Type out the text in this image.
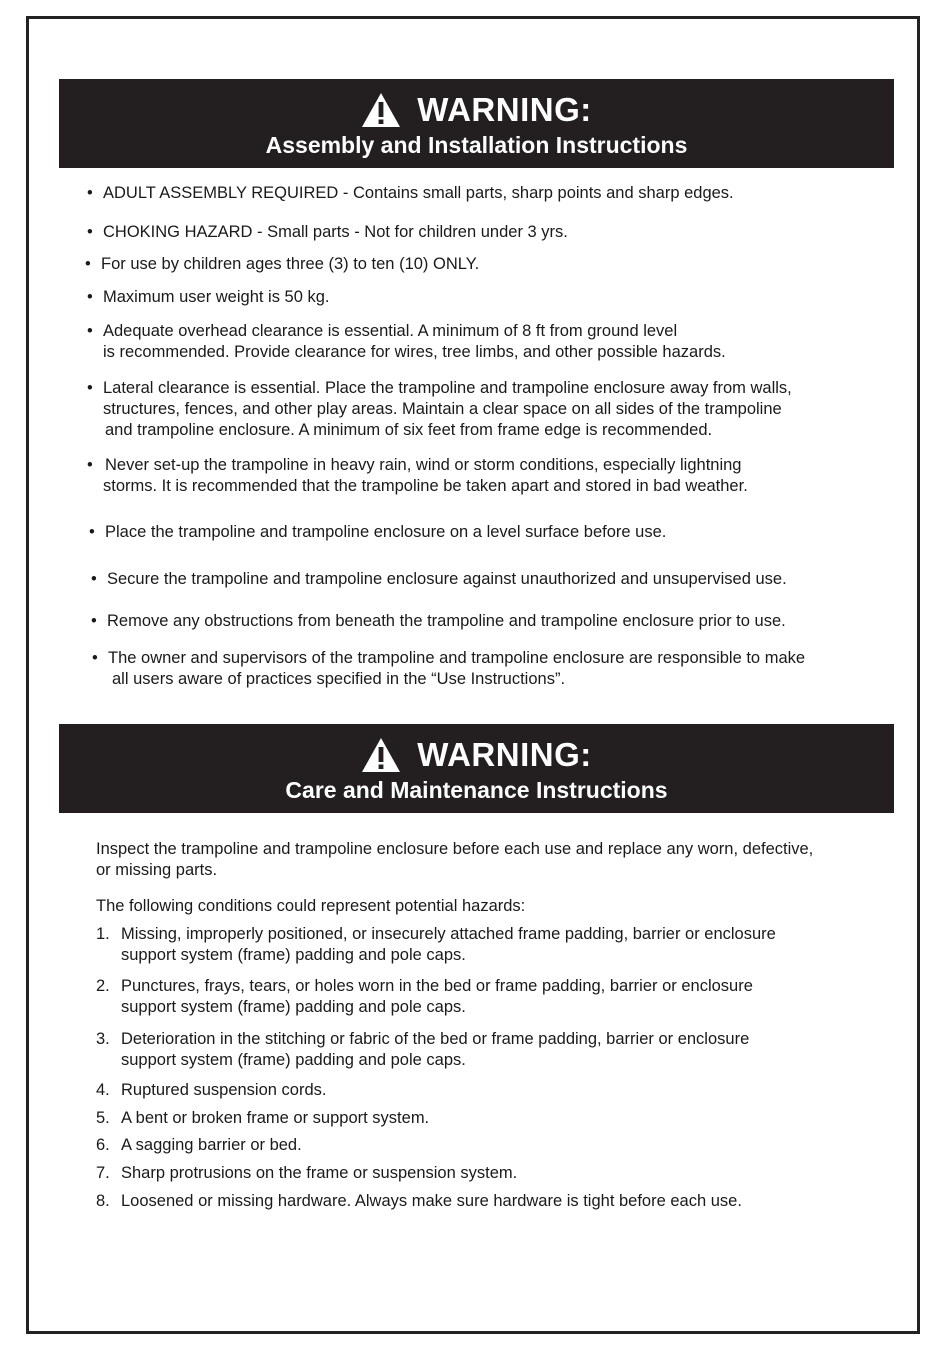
WARNING:
Assembly and Installation Instructions
• ADULT ASSEMBLY REQUIRED - Contains small parts, sharp points and sharp edges.
• CHOKING HAZARD - Small parts - Not for children under 3 yrs.
• For use by children ages three (3) to ten (10) ONLY.
• Maximum user weight is 50 kg.
• Adequate overhead clearance is essential. A minimum of 8 ft from ground level
is recommended. Provide clearance for wires, tree limbs, and other possible hazards.
• Lateral clearance is essential. Place the trampoline and trampoline enclosure away from walls,
structures, fences, and other play areas. Maintain a clear space on all sides of the trampoline
and trampoline enclosure. A minimum of six feet from frame edge is recommended.
• Never set-up the trampoline in heavy rain, wind or storm conditions, especially lightning
storms. It is recommended that the trampoline be taken apart and stored in bad weather.
• Place the trampoline and trampoline enclosure on a level surface before use.
• Secure the trampoline and trampoline enclosure against unauthorized and unsupervised use.
• Remove any obstructions from beneath the trampoline and trampoline enclosure prior to use.
• The owner and supervisors of the trampoline and trampoline enclosure are responsible to make
all users aware of practices specified in the “Use Instructions”.
WARNING:
Care and Maintenance Instructions
Inspect the trampoline and trampoline enclosure before each use and replace any worn, defective,
or missing parts.
The following conditions could represent potential hazards:
1. Missing, improperly positioned, or insecurely attached frame padding, barrier or enclosure
support system (frame) padding and pole caps.
2. Punctures, frays, tears, or holes worn in the bed or frame padding, barrier or enclosure
support system (frame) padding and pole caps.
3. Deterioration in the stitching or fabric of the bed or frame padding, barrier or enclosure
support system (frame) padding and pole caps.
4. Ruptured suspension cords.
5. A bent or broken frame or support system.
6. A sagging barrier or bed.
7. Sharp protrusions on the frame or suspension system.
8. Loosened or missing hardware. Always make sure hardware is tight before each use.
